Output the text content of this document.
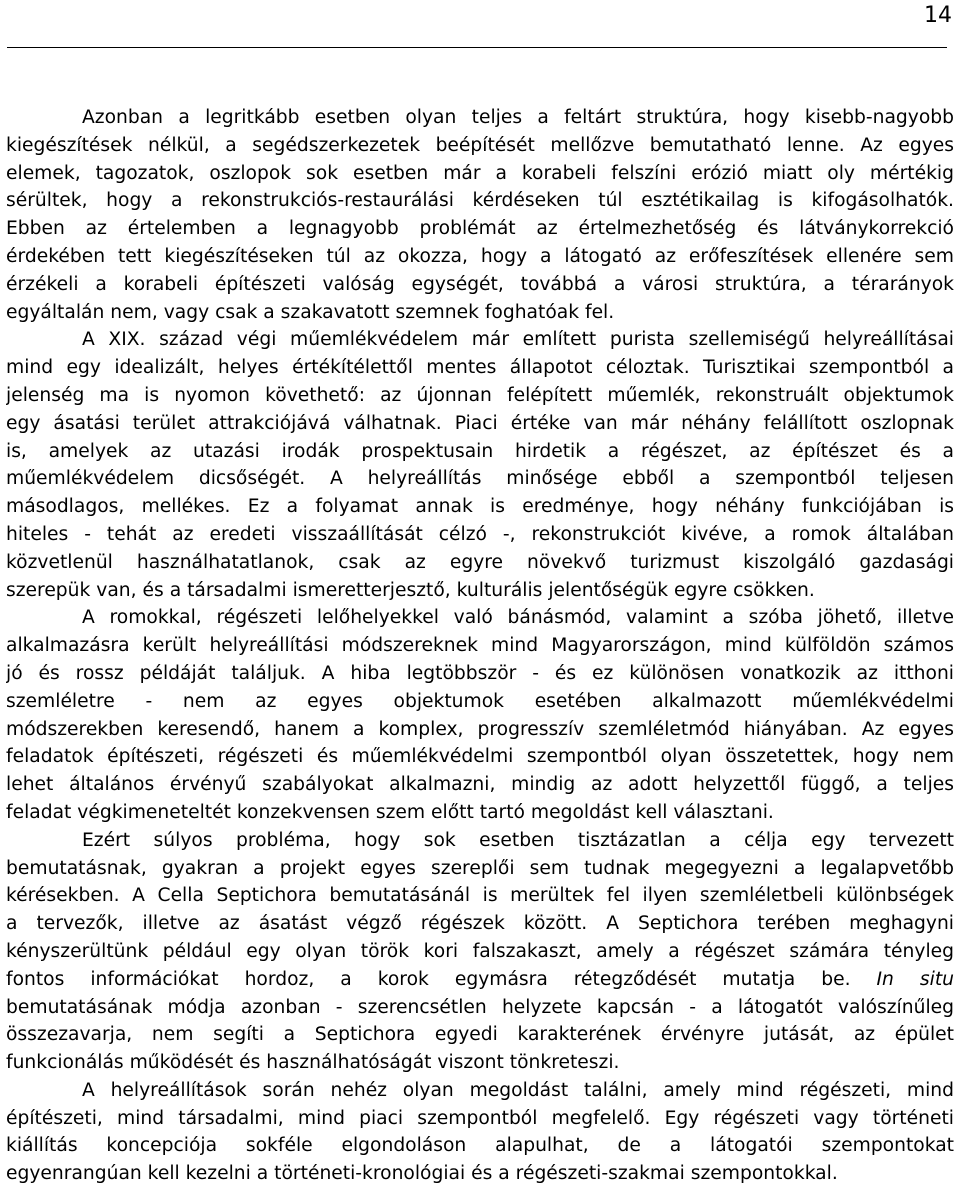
14
Azonban a legritkább esetben olyan teljes a feltárt struktúra, hogy kisebb-nagyobb
kiegészítések nélkül, a segédszerkezetek beépítését mellőzve bemutatható lenne. Az egyes
elemek, tagozatok, oszlopok sok esetben már a korabeli felszíni erózió miatt oly mértékig
sérültek, hogy a rekonstrukciós-restaurálási kérdéseken túl esztétikailag is kifogásolhatók.
Ebben az értelemben a legnagyobb problémát az értelmezhetőség és látványkorrekció
érdekében tett kiegészítéseken túl az okozza, hogy a látogató az erőfeszítések ellenére sem
érzékeli a korabeli építészeti valóság egységét, továbbá a városi struktúra, a térarányok
egyáltalán nem, vagy csak a szakavatott szemnek foghatóak fel.
A XIX. század végi műemlékvédelem már említett purista szellemiségű helyreállításai
mind egy idealizált, helyes értékítélettől mentes állapotot céloztak. Turisztikai szempontból a
jelenség ma is nyomon követhető: az újonnan felépített műemlék, rekonstruált objektumok
egy ásatási terület attrakciójává válhatnak. Piaci értéke van már néhány felállított oszlopnak
is, amelyek az utazási irodák prospektusain hirdetik a régészet, az építészet és a
műemlékvédelem dicsőségét. A helyreállítás minősége ebből a szempontból teljesen
másodlagos, mellékes. Ez a folyamat annak is eredménye, hogy néhány funkciójában is
hiteles - tehát az eredeti visszaállítását célzó -, rekonstrukciót kivéve, a romok általában
közvetlenül használhatatlanok, csak az egyre növekvő turizmust kiszolgáló gazdasági
szerepük van, és a társadalmi ismeretterjesztő, kulturális jelentőségük egyre csökken.
A romokkal, régészeti lelőhelyekkel való bánásmód, valamint a szóba jöhető, illetve
alkalmazásra került helyreállítási módszereknek mind Magyarországon, mind külföldön számos
jó és rossz példáját találjuk. A hiba legtöbbször - és ez különösen vonatkozik az itthoni
szemléletre - nem az egyes objektumok esetében alkalmazott műemlékvédelmi
módszerekben keresendő, hanem a komplex, progresszív szemléletmód hiányában. Az egyes
feladatok építészeti, régészeti és műemlékvédelmi szempontból olyan összetettek, hogy nem
lehet általános érvényű szabályokat alkalmazni, mindig az adott helyzettől függő, a teljes
feladat végkimeneteltét konzekvensen szem előtt tartó megoldást kell választani.
Ezért súlyos probléma, hogy sok esetben tisztázatlan a célja egy tervezett
bemutatásnak, gyakran a projekt egyes szereplői sem tudnak megegyezni a legalapvetőbb
kérésekben. A Cella Septichora bemutatásánál is merültek fel ilyen szemléletbeli különbségek
a tervezők, illetve az ásatást végző régészek között. A Septichora terében meghagyni
kényszerültünk például egy olyan török kori falszakaszt, amely a régészet számára tényleg
fontos információkat hordoz, a korok egymásra rétegződését mutatja be. In situ
bemutatásának módja azonban - szerencsétlen helyzete kapcsán - a látogatót valószínűleg
összezavarja, nem segíti a Septichora egyedi karakterének érvényre jutását, az épület
funkcionálás működését és használhatóságát viszont tönkreteszi.
A helyreállítások során nehéz olyan megoldást találni, amely mind régészeti, mind
építészeti, mind társadalmi, mind piaci szempontból megfelelő. Egy régészeti vagy történeti
kiállítás koncepciója sokféle elgondoláson alapulhat, de a látogatói szempontokat
egyenrangúan kell kezelni a történeti-kronológiai és a régészeti-szakmai szempontokkal.
